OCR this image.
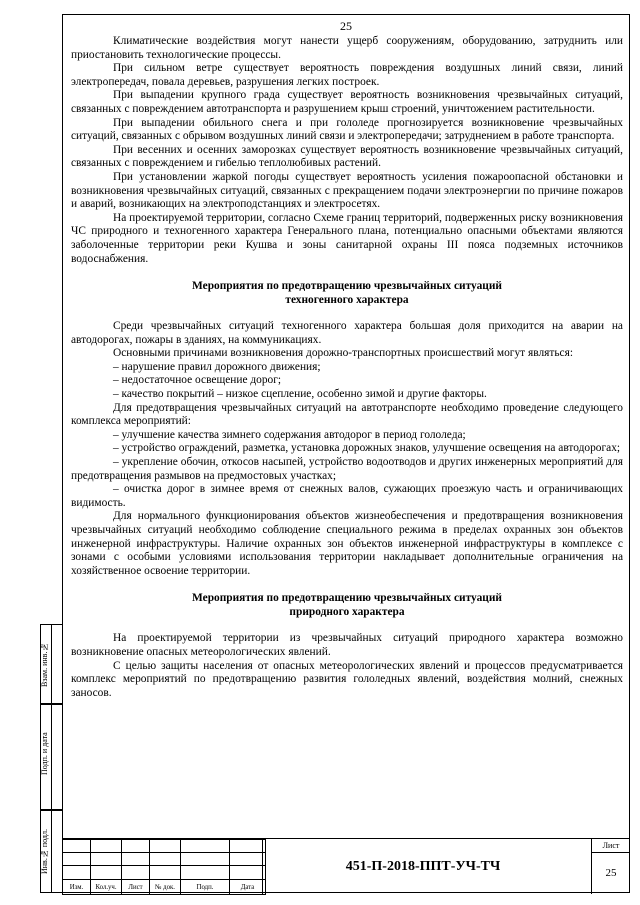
25

Климатические воздействия могут нанести ущерб сооружениям, оборудованию, затруднить или приостановить технологические процессы.

При сильном ветре существует вероятность повреждения воздушных линий связи, линий электропередач, повала деревьев, разрушения легких построек.

При выпадении крупного града существует вероятность возникновения чрезвычайных ситуаций, связанных с повреждением автотранспорта и разрушением крыш строений, уничтожением растительности.

При выпадении обильного снега и при гололеде прогнозируется возникновение чрезвычайных ситуаций, связанных с обрывом воздушных линий связи и электропередачи; затруднением в работе транспорта.

При весенних и осенних заморозках существует вероятность возникновение чрезвычайных ситуаций, связанных с повреждением и гибелью теплолюбивых растений.

При установлении жаркой погоды существует вероятность усиления пожароопасной обстановки и возникновения чрезвычайных ситуаций, связанных с прекращением подачи электроэнергии по причине пожаров и аварий, возникающих на электроподстанциях и электросетях.

На проектируемой территории, согласно Схеме границ территорий, подверженных риску возникновения ЧС природного и техногенного характера Генерального плана, потенциально опасными объектами являются заболоченные территории реки Кушва и зоны санитарной охраны III пояса подземных источников водоснабжения.

Мероприятия по предотвращению чрезвычайных ситуаций
техногенного характера

Среди чрезвычайных ситуаций техногенного характера большая доля приходится на аварии на автодорогах, пожары в зданиях, на коммуникациях.

Основными причинами возникновения дорожно-транспортных происшествий могут являться:

– нарушение правил дорожного движения;

– недостаточное освещение дорог;

– качество покрытий – низкое сцепление, особенно зимой и другие факторы.

Для предотвращения чрезвычайных ситуаций на автотранспорте необходимо проведение следующего комплекса мероприятий:

– улучшение качества зимнего содержания автодорог в период гололеда;

– устройство ограждений, разметка, установка дорожных знаков, улучшение освещения на автодорогах;

– укрепление обочин, откосов насыпей, устройство водоотводов и других инженерных мероприятий для предотвращения размывов на предмостовых участках;

– очистка дорог в зимнее время от снежных валов, сужающих проезжую часть и ограничивающих видимость.

Для нормального функционирования объектов жизнеобеспечения и предотвращения возникновения чрезвычайных ситуаций необходимо соблюдение специального режима в пределах охранных зон объектов инженерной инфраструктуры. Наличие охранных зон объектов инженерной инфраструктуры в комплексе с зонами с особыми условиями использования территории накладывает дополнительные ограничения на хозяйственное освоение территории.

Мероприятия по предотвращению чрезвычайных ситуаций
природного характера

На проектируемой территории из чрезвычайных ситуаций природного характера возможно возникновение опасных метеорологических явлений.

С целью защиты населения от опасных метеорологических явлений и процессов предусматривается комплекс мероприятий по предотвращению развития гололедных явлений, воздействия молний, снежных заносов.

Взам. инв.№
Подп. и дата
Инв.№ подл.

Изм.	Кол.уч.	Лист	№ док.	Подп.	Дата
451-П-2018-ППТ-УЧ-ТЧ
Лист
25
